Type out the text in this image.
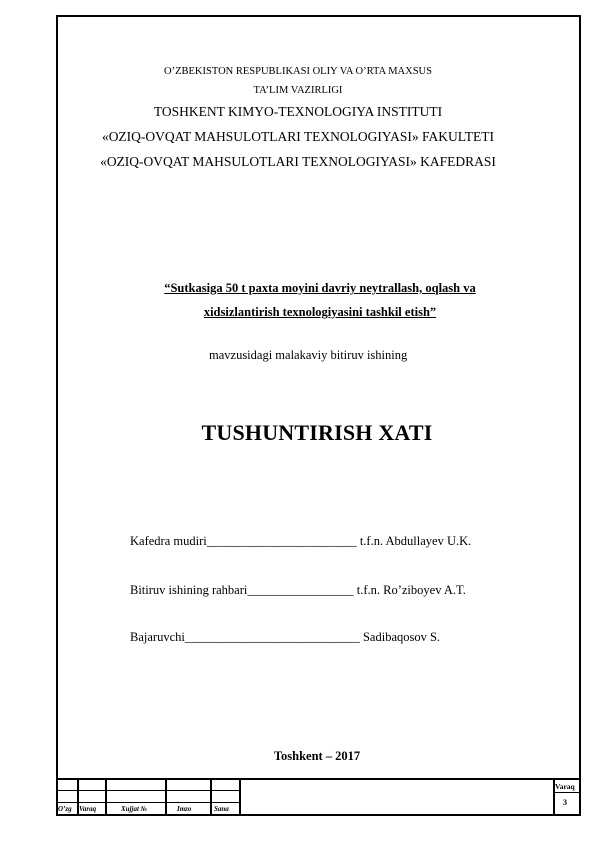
O’ZBEKISTON RESPUBLIKASI OLIY VA O’RTA MAXSUS
TA’LIM VAZIRLIGI
TOSHKENT KIMYO-TEXNOLOGIYA INSTITUTI
«OZIQ-OVQAT MAHSULOTLARI TEXNOLOGIYASI» FAKULTETI
«OZIQ-OVQAT MAHSULOTLARI TEXNOLOGIYASI» KAFEDRASI
“Sutkasiga 50 t paxta moyini davriy neytrallash, oqlash va
xidsizlantirish texnologiyasini tashkil etish”
mavzusidagi malakaviy bitiruv ishining
TUSHUNTIRISH XATI
Kafedra mudiri________________________ t.f.n. Abdullayev U.K.
Bitiruv ishining rahbari_________________ t.f.n. Ro’ziboyev A.T.
Bajaruvchi____________________________ Sadibaqosov S.
Toshkent – 2017
O’zg Varaq	Xujjat №	Imzo	Sana
Varaq
3
